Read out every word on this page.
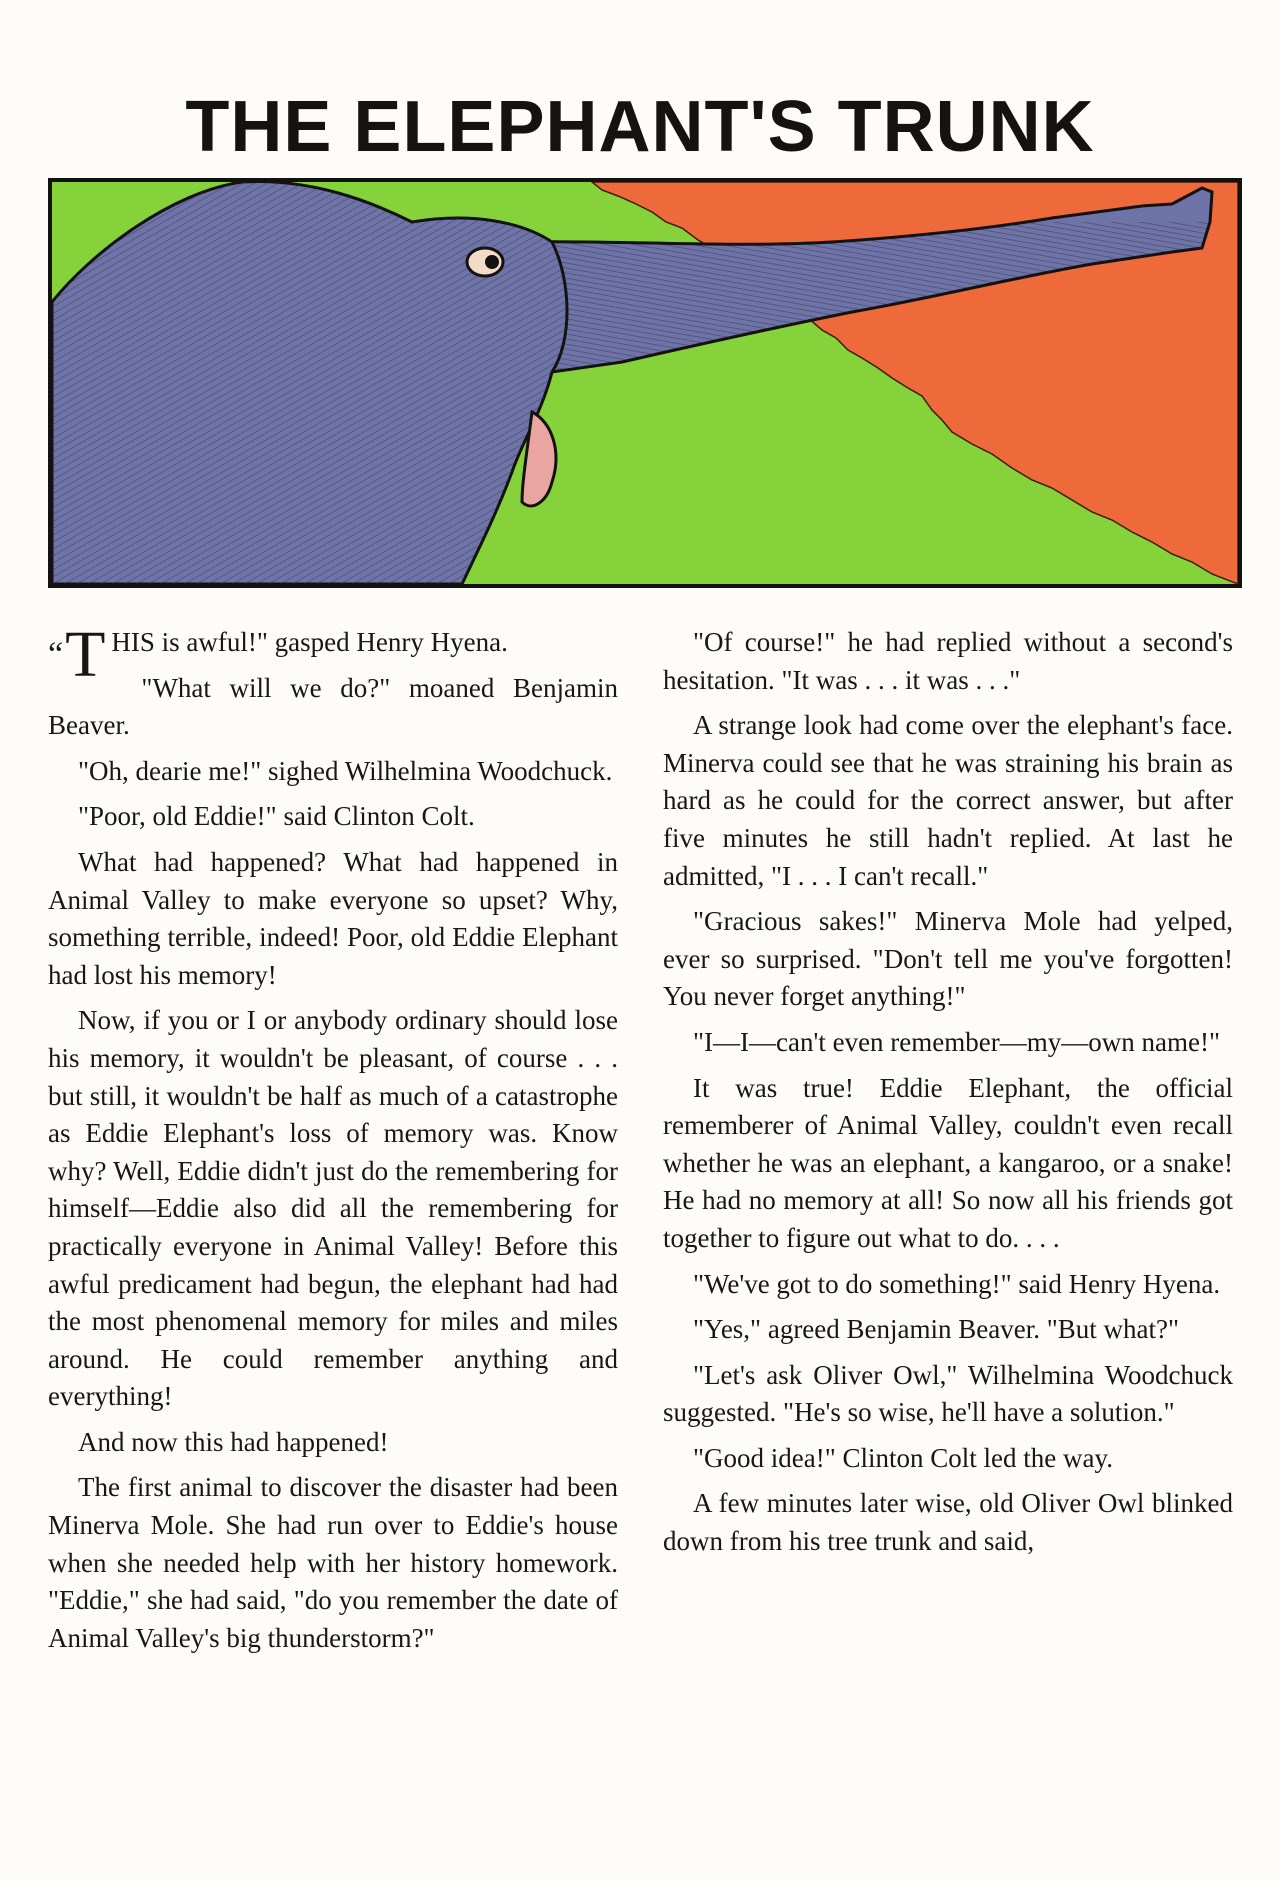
THE ELEPHANT'S TRUNK

“T HIS is awful!" gasped Henry Hyena.

"What will we do?" moaned Benjamin Beaver.

"Oh, dearie me!" sighed Wilhelmina Woodchuck.

"Poor, old Eddie!" said Clinton Colt.

What had happened? What had happened in Animal Valley to make everyone so upset? Why, something terrible, indeed! Poor, old Eddie Elephant had lost his memory!

Now, if you or I or anybody ordinary should lose his memory, it wouldn't be pleasant, of course . . . but still, it wouldn't be half as much of a catastrophe as Eddie Elephant's loss of memory was. Know why? Well, Eddie didn't just do the remembering for himself—Eddie also did all the remembering for practically everyone in Animal Valley! Before this awful predicament had begun, the elephant had had the most phenomenal memory for miles and miles around. He could remember anything and everything!

And now this had happened!

The first animal to discover the disaster had been Minerva Mole. She had run over to Eddie's house when she needed help with her history homework. "Eddie," she had said, "do you remember the date of Animal Valley's big thunderstorm?"

"Of course!" he had replied without a second's hesitation. "It was . . . it was . . ."

A strange look had come over the elephant's face. Minerva could see that he was straining his brain as hard as he could for the correct answer, but after five minutes he still hadn't replied. At last he admitted, "I . . . I can't recall."

"Gracious sakes!" Minerva Mole had yelped, ever so surprised. "Don't tell me you've forgotten! You never forget anything!"

"I—I—can't even remember—my—own name!"

It was true! Eddie Elephant, the official rememberer of Animal Valley, couldn't even recall whether he was an elephant, a kangaroo, or a snake! He had no memory at all! So now all his friends got together to figure out what to do. . . .

"We've got to do something!" said Henry Hyena.

"Yes," agreed Benjamin Beaver. "But what?"

"Let's ask Oliver Owl," Wilhelmina Woodchuck suggested. "He's so wise, he'll have a solution."

"Good idea!" Clinton Colt led the way.

A few minutes later wise, old Oliver Owl blinked down from his tree trunk and said,
